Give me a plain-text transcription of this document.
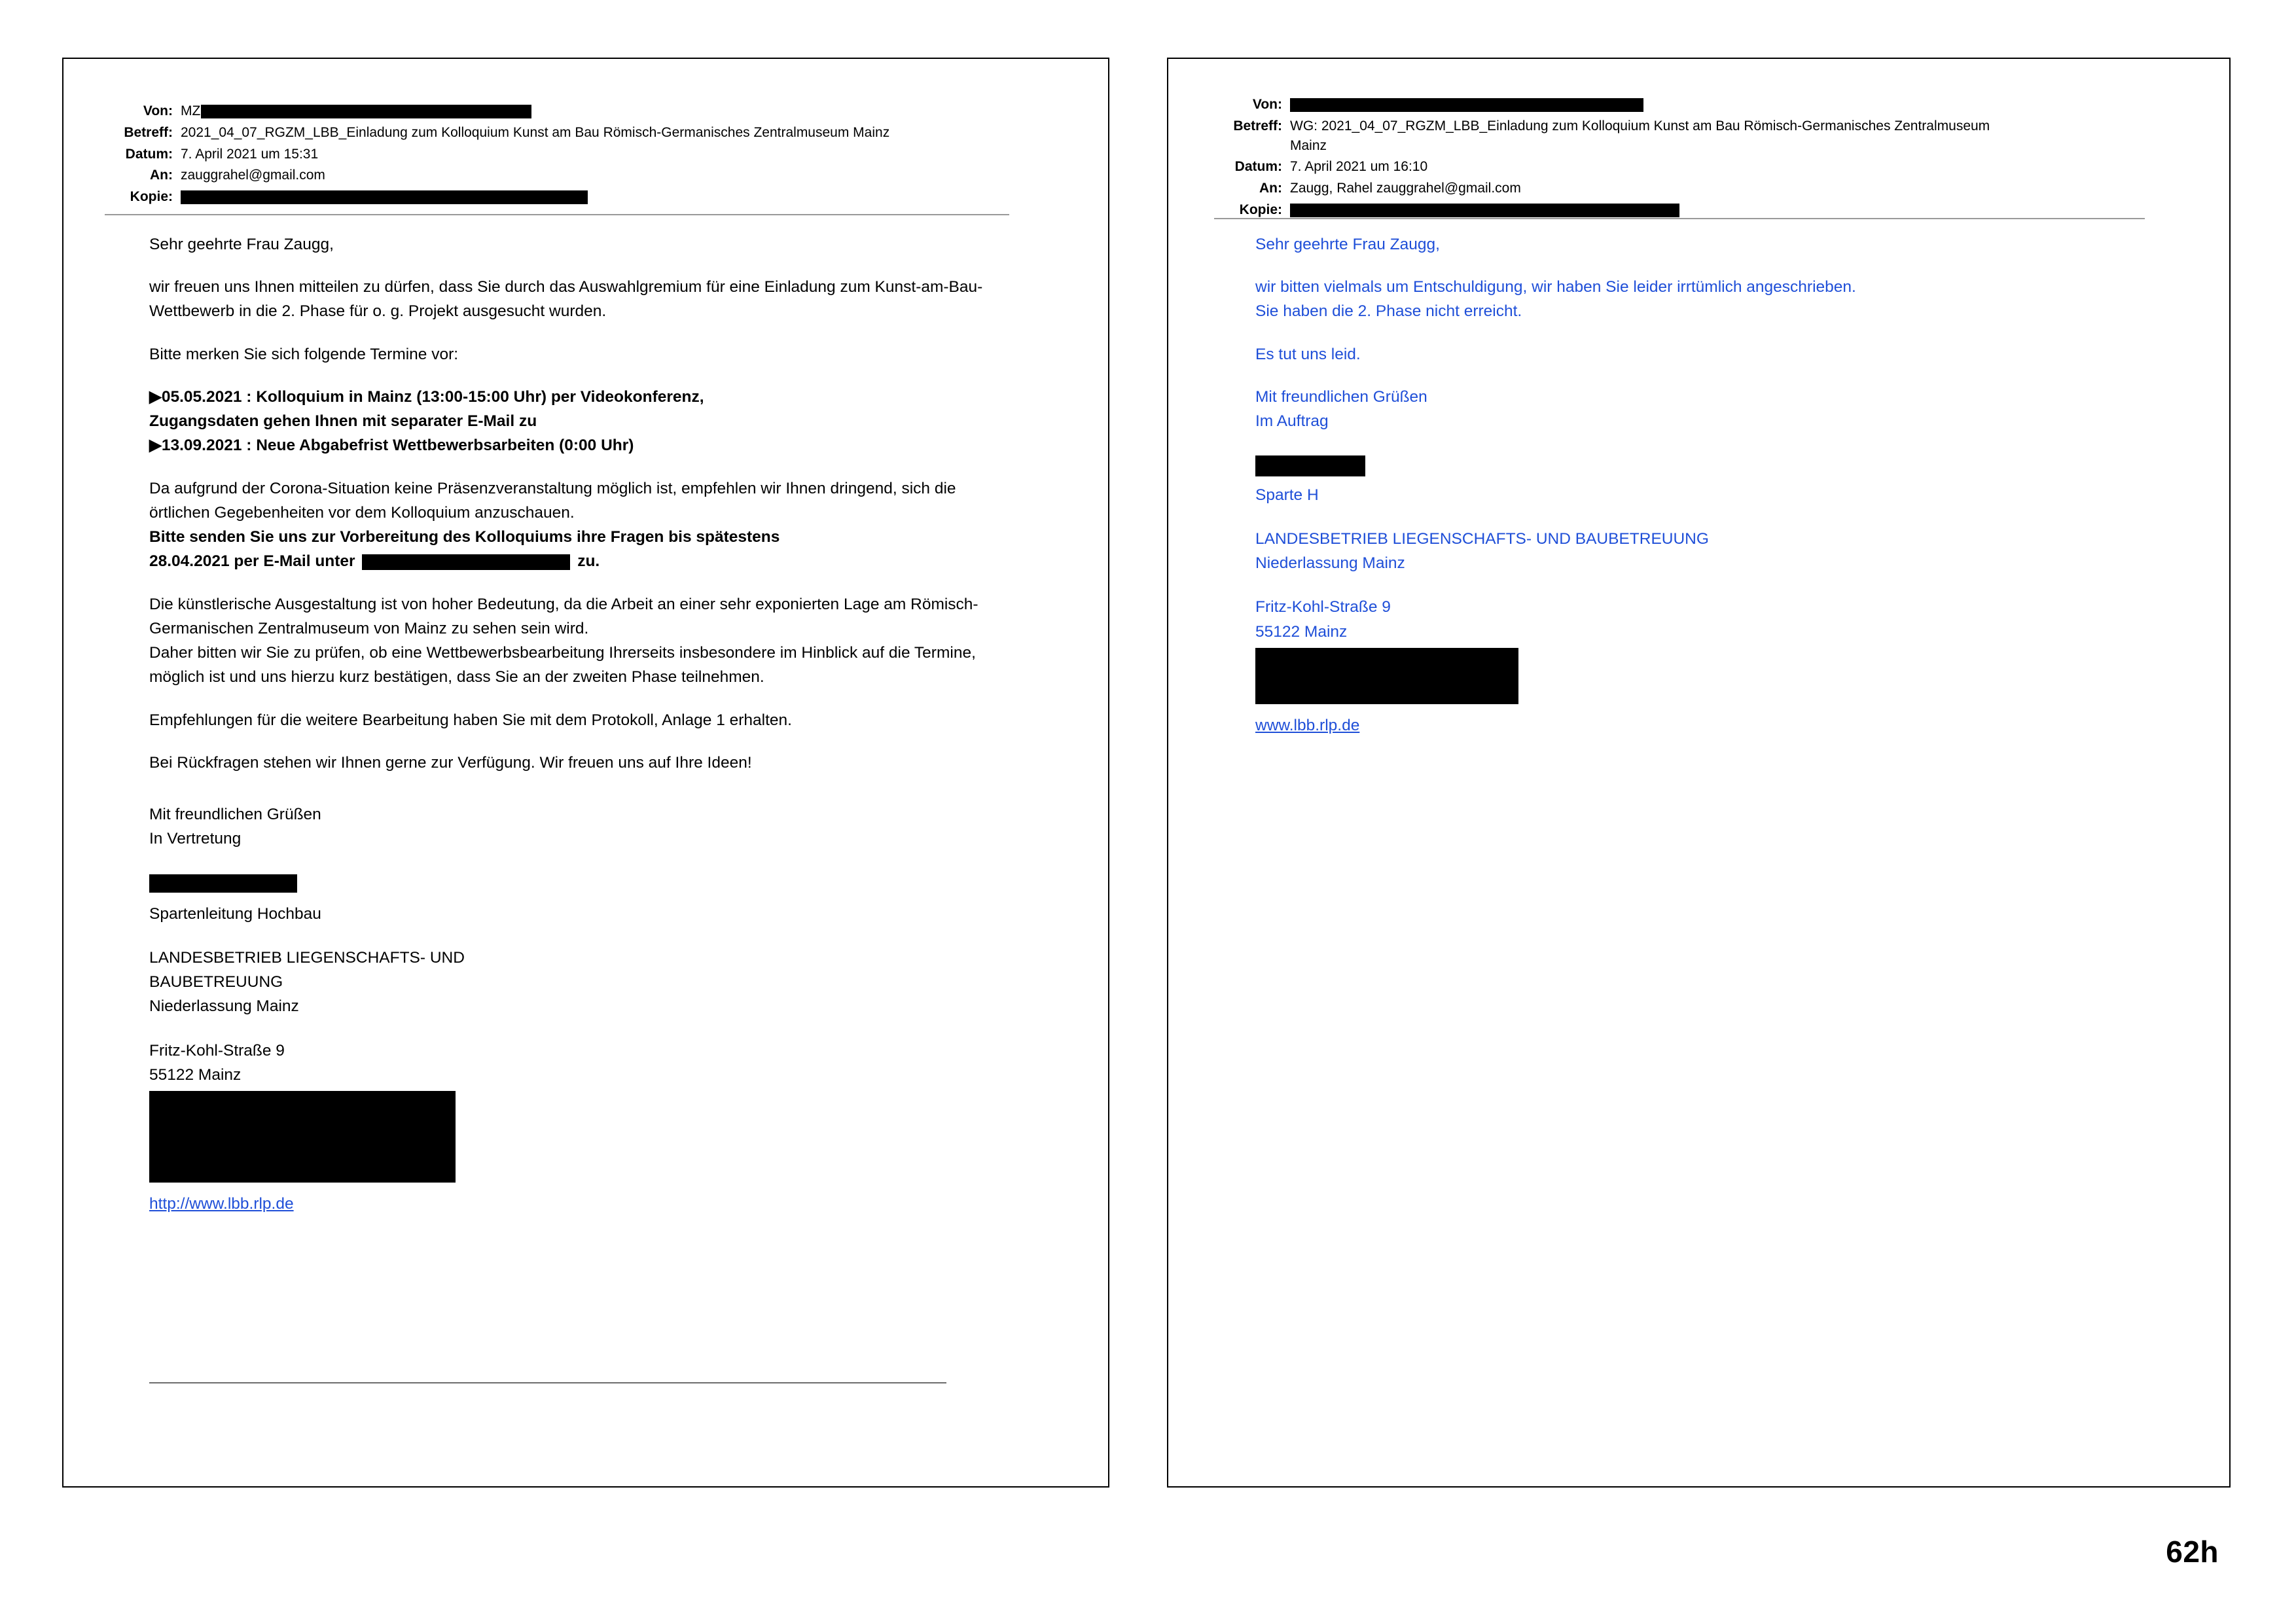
Von: MZ
Betreff: 2021_04_07_RGZM_LBB_Einladung zum Kolloquium Kunst am Bau Römisch-Germanisches Zentralmuseum Mainz
Datum: 7. April 2021 um 15:31
An: zauggrahel@gmail.com
Kopie:

Sehr geehrte Frau Zaugg,

wir freuen uns Ihnen mitteilen zu dürfen, dass Sie durch das Auswahlgremium für eine Einladung zum Kunst-am-Bau-Wettbewerb in die 2. Phase für o. g. Projekt ausgesucht wurden.

Bitte merken Sie sich folgende Termine vor:

▶05.05.2021 : Kolloquium in Mainz (13:00-15:00 Uhr) per Videokonferenz,

Zugangsdaten gehen Ihnen mit separater E-Mail zu

▶13.09.2021 : Neue Abgabefrist Wettbewerbsarbeiten (0:00 Uhr)

Da aufgrund der Corona-Situation keine Präsenzveranstaltung möglich ist, empfehlen wir Ihnen dringend, sich die örtlichen Gegebenheiten vor dem Kolloquium anzuschauen.

Bitte senden Sie uns zur Vorbereitung des Kolloquiums ihre Fragen bis spätestens

28.04.2021 per E-Mail unter	zu.

Die künstlerische Ausgestaltung ist von hoher Bedeutung, da die Arbeit an einer sehr exponierten Lage am Römisch-Germanischen Zentralmuseum von Mainz zu sehen sein wird.

Daher bitten wir Sie zu prüfen, ob eine Wettbewerbsbearbeitung Ihrerseits insbesondere im Hinblick auf die Termine, möglich ist und uns hierzu kurz bestätigen, dass Sie an der zweiten Phase teilnehmen.

Empfehlungen für die weitere Bearbeitung haben Sie mit dem Protokoll, Anlage 1 erhalten.

Bei Rückfragen stehen wir Ihnen gerne zur Verfügung. Wir freuen uns auf Ihre Ideen!

Mit freundlichen Grüßen

In Vertretung

Spartenleitung Hochbau

LANDESBETRIEB LIEGENSCHAFTS- UND

BAUBETREUUNG

Niederlassung Mainz

Fritz-Kohl-Straße 9

55122 Mainz

http://www.lbb.rlp.de

Von:
Betreff: WG: 2021_04_07_RGZM_LBB_Einladung zum Kolloquium Kunst am Bau Römisch-Germanisches Zentralmuseum
Mainz
Datum: 7. April 2021 um 16:10
An: Zaugg, Rahel zauggrahel@gmail.com
Kopie:

Sehr geehrte Frau Zaugg,

wir bitten vielmals um Entschuldigung, wir haben Sie leider irrtümlich angeschrieben.

Sie haben die 2. Phase nicht erreicht.

Es tut uns leid.

Mit freundlichen Grüßen

Im Auftrag

Sparte H

LANDESBETRIEB LIEGENSCHAFTS- UND BAUBETREUUNG

Niederlassung Mainz

Fritz-Kohl-Straße 9

55122 Mainz

www.lbb.rlp.de

62h
